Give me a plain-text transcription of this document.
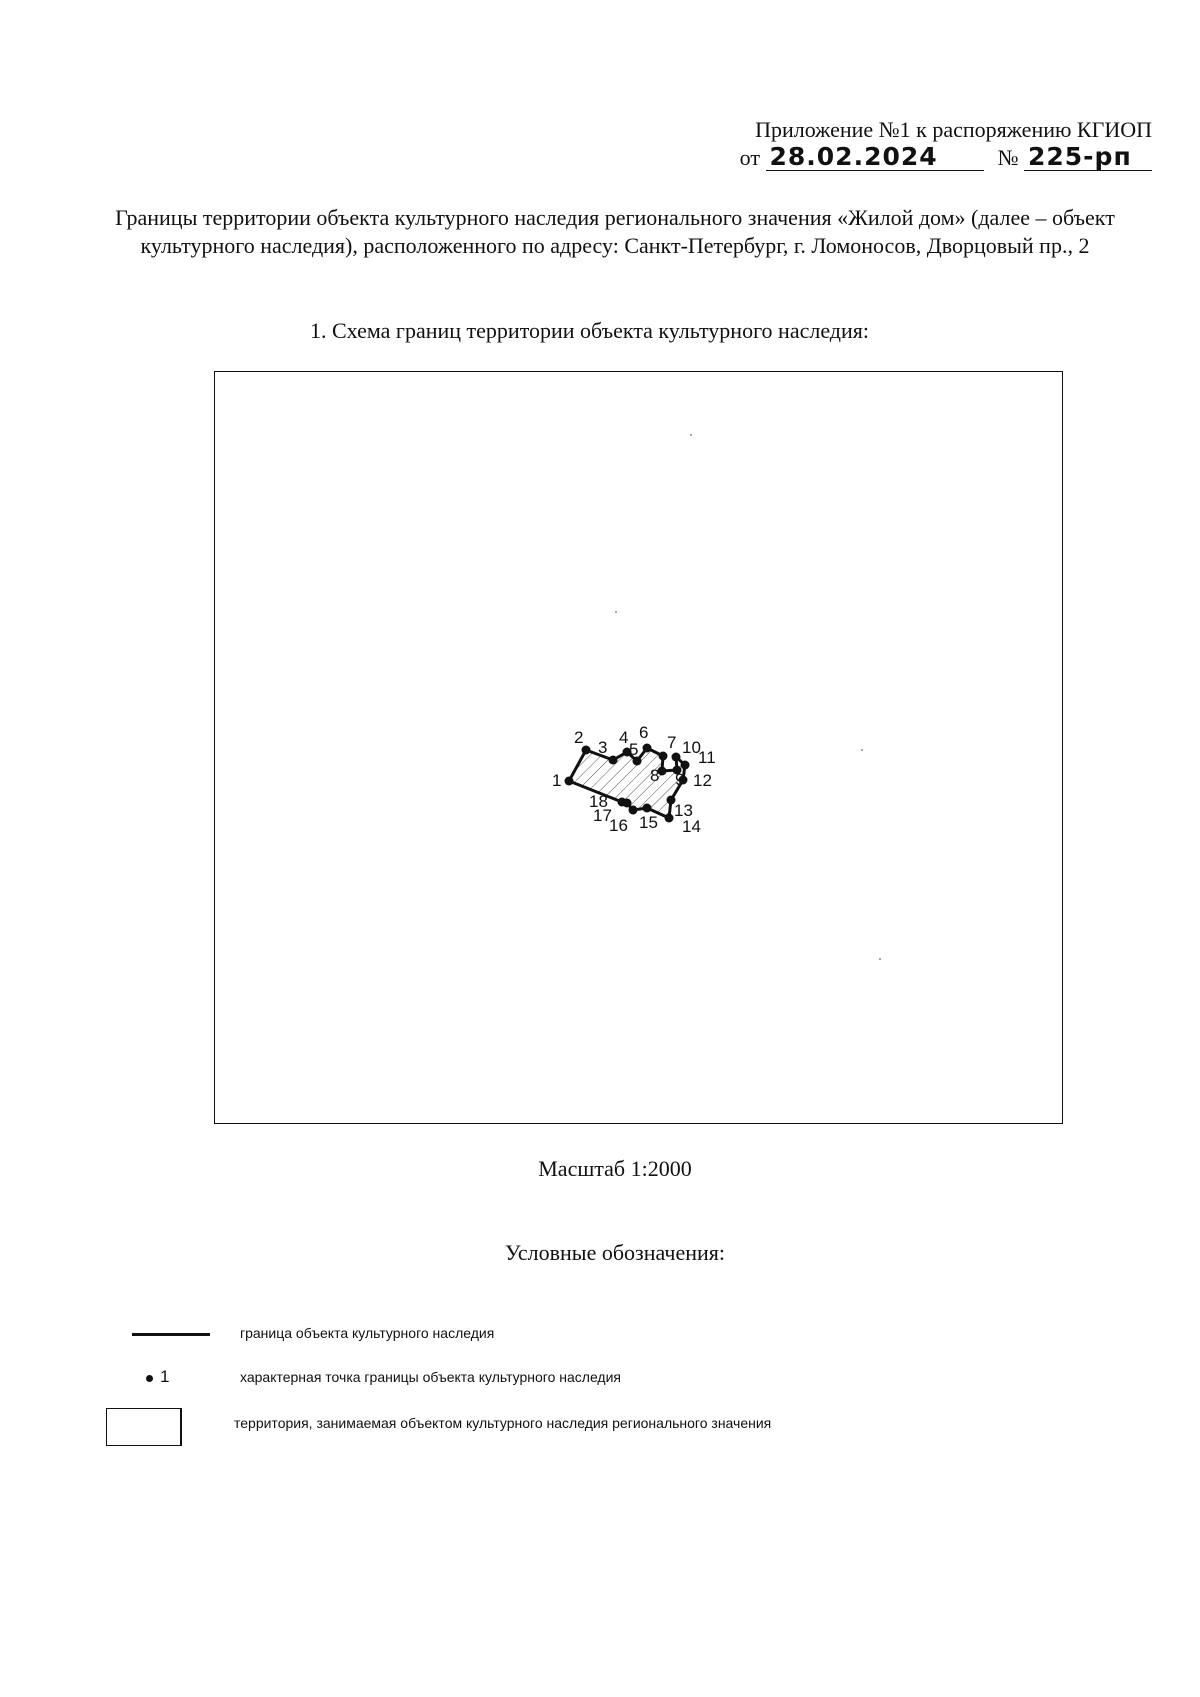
Приложение №1 к распоряжению КГИОП
от 28.02.2024	№ 225-рп
Границы территории объекта культурного наследия регионального значения «Жилой дом» (далее – объект культурного наследия), расположенного по адресу: Санкт-Петербург, г. Ломоносов, Дворцовый пр., 2
1. Схема границ территории объекта культурного наследия:
1
2
3
4
5
6
7
8 9
10
11
12
13
14
15
16
17
18
Масштаб 1:2000
Условные обозначения:
граница объекта культурного наследия
1	характерная точка границы объекта культурного наследия
территория, занимаемая объектом культурного наследия регионального значения
